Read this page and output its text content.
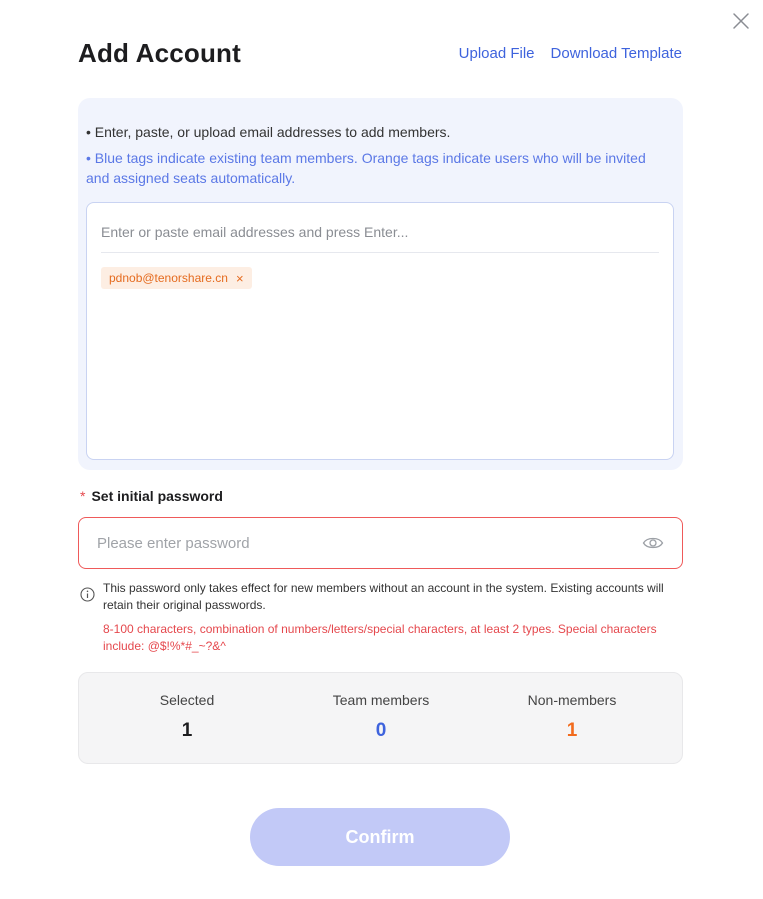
Add Account	Upload File Download Template
• Enter, paste, or upload email addresses to add members.
• Blue tags indicate existing team members. Orange tags indicate users who will be invited and assigned seats automatically.
Enter or paste email addresses and press Enter...
pdnob@tenorshare.cn ×
* Set initial password
This password only takes effect for new members without an account in the system. Existing accounts will retain their original passwords.
8-100 characters, combination of numbers/letters/special characters, at least 2 types. Special characters include: @$!%*#_~?&^
Selected
1
Team members
0
Non-members
1
Confirm
